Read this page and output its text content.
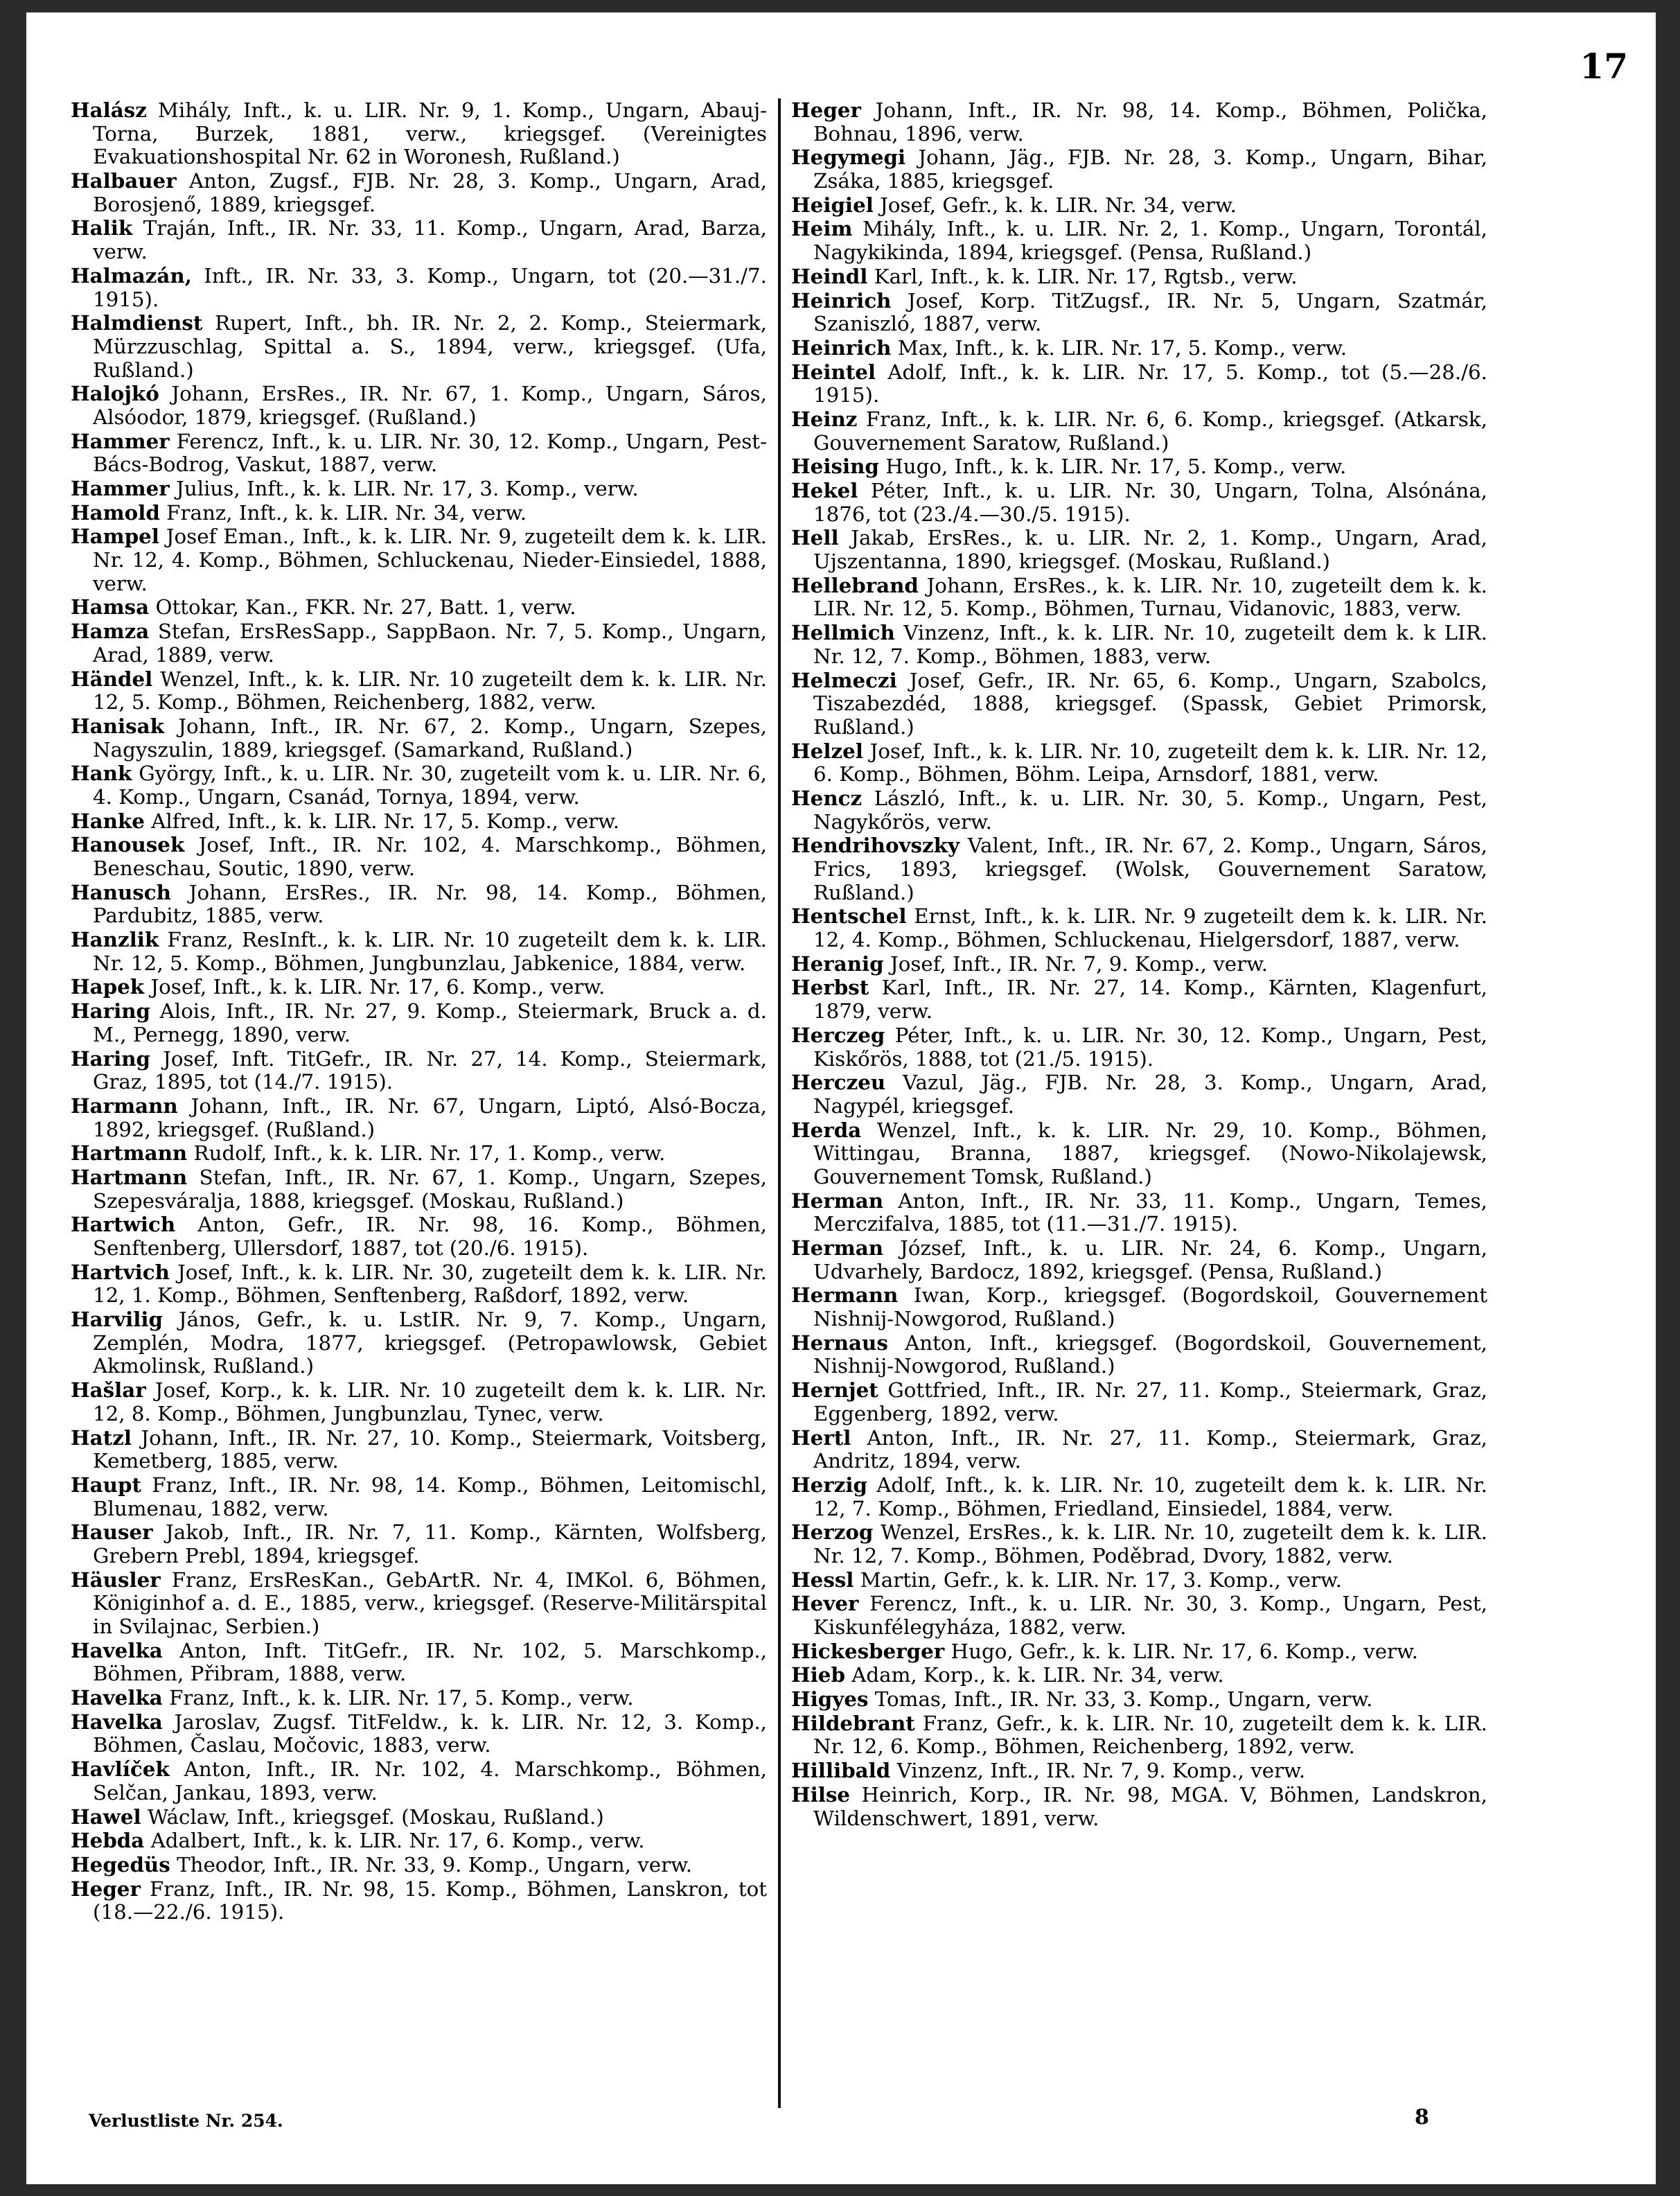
17

Halász Mihály, Inft., k. u. LIR. Nr. 9, 1. Komp., Ungarn, Abauj-Torna, Burzek, 1881, verw., kriegsgef. (Vereinigtes Evakuationshospital Nr. 62 in Woronesh, Rußland.)

Halbauer Anton, Zugsf., FJB. Nr. 28, 3. Komp., Ungarn, Arad, Borosjenő, 1889, kriegsgef.

Halik Traján, Inft., IR. Nr. 33, 11. Komp., Ungarn, Arad, Barza, verw.

Halmazán, Inft., IR. Nr. 33, 3. Komp., Ungarn, tot (20.—31./7. 1915).

Halmdienst Rupert, Inft., bh. IR. Nr. 2, 2. Komp., Steiermark, Mürzzuschlag, Spittal a. S., 1894, verw., kriegsgef. (Ufa, Rußland.)

Halojkó Johann, ErsRes., IR. Nr. 67, 1. Komp., Ungarn, Sáros, Alsóodor, 1879, kriegsgef. (Rußland.)

Hammer Ferencz, Inft., k. u. LIR. Nr. 30, 12. Komp., Ungarn, Pest-Bács-Bodrog, Vaskut, 1887, verw.

Hammer Julius, Inft., k. k. LIR. Nr. 17, 3. Komp., verw.

Hamold Franz, Inft., k. k. LIR. Nr. 34, verw.

Hampel Josef Eman., Inft., k. k. LIR. Nr. 9, zugeteilt dem k. k. LIR. Nr. 12, 4. Komp., Böhmen, Schluckenau, Nieder-Einsiedel, 1888, verw.

Hamsa Ottokar, Kan., FKR. Nr. 27, Batt. 1, verw.

Hamza Stefan, ErsResSapp., SappBaon. Nr. 7, 5. Komp., Ungarn, Arad, 1889, verw.

Händel Wenzel, Inft., k. k. LIR. Nr. 10 zugeteilt dem k. k. LIR. Nr. 12, 5. Komp., Böhmen, Reichenberg, 1882, verw.

Hanisak Johann, Inft., IR. Nr. 67, 2. Komp., Ungarn, Szepes, Nagyszulin, 1889, kriegsgef. (Samarkand, Rußland.)

Hank György, Inft., k. u. LIR. Nr. 30, zugeteilt vom k. u. LIR. Nr. 6, 4. Komp., Ungarn, Csanád, Tornya, 1894, verw.

Hanke Alfred, Inft., k. k. LIR. Nr. 17, 5. Komp., verw.

Hanousek Josef, Inft., IR. Nr. 102, 4. Marschkomp., Böhmen, Beneschau, Soutic, 1890, verw.

Hanusch Johann, ErsRes., IR. Nr. 98, 14. Komp., Böhmen, Pardubitz, 1885, verw.

Hanzlik Franz, ResInft., k. k. LIR. Nr. 10 zugeteilt dem k. k. LIR. Nr. 12, 5. Komp., Böhmen, Jungbunzlau, Jabkenice, 1884, verw.

Hapek Josef, Inft., k. k. LIR. Nr. 17, 6. Komp., verw.

Haring Alois, Inft., IR. Nr. 27, 9. Komp., Steiermark, Bruck a. d. M., Pernegg, 1890, verw.

Haring Josef, Inft. TitGefr., IR. Nr. 27, 14. Komp., Steiermark, Graz, 1895, tot (14./7. 1915).

Harmann Johann, Inft., IR. Nr. 67, Ungarn, Liptó, Alsó-Bocza, 1892, kriegsgef. (Rußland.)

Hartmann Rudolf, Inft., k. k. LIR. Nr. 17, 1. Komp., verw.

Hartmann Stefan, Inft., IR. Nr. 67, 1. Komp., Ungarn, Szepes, Szepesváralja, 1888, kriegsgef. (Moskau, Rußland.)

Hartwich Anton, Gefr., IR. Nr. 98, 16. Komp., Böhmen, Senftenberg, Ullersdorf, 1887, tot (20./6. 1915).

Hartvich Josef, Inft., k. k. LIR. Nr. 30, zugeteilt dem k. k. LIR. Nr. 12, 1. Komp., Böhmen, Senftenberg, Raßdorf, 1892, verw.

Harvilig János, Gefr., k. u. LstIR. Nr. 9, 7. Komp., Ungarn, Zemplén, Modra, 1877, kriegsgef. (Petropawlowsk, Gebiet Akmolinsk, Rußland.)

Hašlar Josef, Korp., k. k. LIR. Nr. 10 zugeteilt dem k. k. LIR. Nr. 12, 8. Komp., Böhmen, Jungbunzlau, Tynec, verw.

Hatzl Johann, Inft., IR. Nr. 27, 10. Komp., Steiermark, Voitsberg, Kemetberg, 1885, verw.

Haupt Franz, Inft., IR. Nr. 98, 14. Komp., Böhmen, Leitomischl, Blumenau, 1882, verw.

Hauser Jakob, Inft., IR. Nr. 7, 11. Komp., Kärnten, Wolfsberg, Grebern Prebl, 1894, kriegsgef.

Häusler Franz, ErsResKan., GebArtR. Nr. 4, IMKol. 6, Böhmen, Königinhof a. d. E., 1885, verw., kriegsgef. (Reserve-Militärspital in Svilajnac, Serbien.)

Havelka Anton, Inft. TitGefr., IR. Nr. 102, 5. Marschkomp., Böhmen, Přibram, 1888, verw.

Havelka Franz, Inft., k. k. LIR. Nr. 17, 5. Komp., verw.

Havelka Jaroslav, Zugsf. TitFeldw., k. k. LIR. Nr. 12, 3. Komp., Böhmen, Časlau, Močovic, 1883, verw.

Havlíček Anton, Inft., IR. Nr. 102, 4. Marschkomp., Böhmen, Selčan, Jankau, 1893, verw.

Hawel Wáclaw, Inft., kriegsgef. (Moskau, Rußland.)

Hebda Adalbert, Inft., k. k. LIR. Nr. 17, 6. Komp., verw.

Hegedüs Theodor, Inft., IR. Nr. 33, 9. Komp., Ungarn, verw.

Heger Franz, Inft., IR. Nr. 98, 15. Komp., Böhmen, Lanskron, tot (18.—22./6. 1915).

Heger Johann, Inft., IR. Nr. 98, 14. Komp., Böhmen, Polička, Bohnau, 1896, verw.

Hegymegi Johann, Jäg., FJB. Nr. 28, 3. Komp., Ungarn, Bihar, Zsáka, 1885, kriegsgef.

Heigiel Josef, Gefr., k. k. LIR. Nr. 34, verw.

Heim Mihály, Inft., k. u. LIR. Nr. 2, 1. Komp., Ungarn, Torontál, Nagykikinda, 1894, kriegsgef. (Pensa, Rußland.)

Heindl Karl, Inft., k. k. LIR. Nr. 17, Rgtsb., verw.

Heinrich Josef, Korp. TitZugsf., IR. Nr. 5, Ungarn, Szatmár, Szaniszló, 1887, verw.

Heinrich Max, Inft., k. k. LIR. Nr. 17, 5. Komp., verw.

Heintel Adolf, Inft., k. k. LIR. Nr. 17, 5. Komp., tot (5.—28./6. 1915).

Heinz Franz, Inft., k. k. LIR. Nr. 6, 6. Komp., kriegsgef. (Atkarsk, Gouvernement Saratow, Rußland.)

Heising Hugo, Inft., k. k. LIR. Nr. 17, 5. Komp., verw.

Hekel Péter, Inft., k. u. LIR. Nr. 30, Ungarn, Tolna, Alsónána, 1876, tot (23./4.—30./5. 1915).

Hell Jakab, ErsRes., k. u. LIR. Nr. 2, 1. Komp., Ungarn, Arad, Ujszentanna, 1890, kriegsgef. (Moskau, Rußland.)

Hellebrand Johann, ErsRes., k. k. LIR. Nr. 10, zugeteilt dem k. k. LIR. Nr. 12, 5. Komp., Böhmen, Turnau, Vidanovic, 1883, verw.

Hellmich Vinzenz, Inft., k. k. LIR. Nr. 10, zugeteilt dem k. k LIR. Nr. 12, 7. Komp., Böhmen, 1883, verw.

Helmeczi Josef, Gefr., IR. Nr. 65, 6. Komp., Ungarn, Szabolcs, Tiszabezdéd, 1888, kriegsgef. (Spassk, Gebiet Primorsk, Rußland.)

Helzel Josef, Inft., k. k. LIR. Nr. 10, zugeteilt dem k. k. LIR. Nr. 12, 6. Komp., Böhmen, Böhm. Leipa, Arnsdorf, 1881, verw.

Hencz László, Inft., k. u. LIR. Nr. 30, 5. Komp., Ungarn, Pest, Nagykőrös, verw.

Hendrihovszky Valent, Inft., IR. Nr. 67, 2. Komp., Ungarn, Sáros, Frics, 1893, kriegsgef. (Wolsk, Gouvernement Saratow, Rußland.)

Hentschel Ernst, Inft., k. k. LIR. Nr. 9 zugeteilt dem k. k. LIR. Nr. 12, 4. Komp., Böhmen, Schluckenau, Hielgersdorf, 1887, verw.

Heranig Josef, Inft., IR. Nr. 7, 9. Komp., verw.

Herbst Karl, Inft., IR. Nr. 27, 14. Komp., Kärnten, Klagenfurt, 1879, verw.

Herczeg Péter, Inft., k. u. LIR. Nr. 30, 12. Komp., Ungarn, Pest, Kiskőrös, 1888, tot (21./5. 1915).

Herczeu Vazul, Jäg., FJB. Nr. 28, 3. Komp., Ungarn, Arad, Nagypél, kriegsgef.

Herda Wenzel, Inft., k. k. LIR. Nr. 29, 10. Komp., Böhmen, Wittingau, Branna, 1887, kriegsgef. (Nowo-Nikolajewsk, Gouvernement Tomsk, Rußland.)

Herman Anton, Inft., IR. Nr. 33, 11. Komp., Ungarn, Temes, Merczifalva, 1885, tot (11.—31./7. 1915).

Herman József, Inft., k. u. LIR. Nr. 24, 6. Komp., Ungarn, Udvarhely, Bardocz, 1892, kriegsgef. (Pensa, Rußland.)

Hermann Iwan, Korp., kriegsgef. (Bogordskoil, Gouvernement Nishnij-Nowgorod, Rußland.)

Hernaus Anton, Inft., kriegsgef. (Bogordskoil, Gouvernement, Nishnij-Nowgorod, Rußland.)

Hernjet Gottfried, Inft., IR. Nr. 27, 11. Komp., Steiermark, Graz, Eggenberg, 1892, verw.

Hertl Anton, Inft., IR. Nr. 27, 11. Komp., Steiermark, Graz, Andritz, 1894, verw.

Herzig Adolf, Inft., k. k. LIR. Nr. 10, zugeteilt dem k. k. LIR. Nr. 12, 7. Komp., Böhmen, Friedland, Einsiedel, 1884, verw.

Herzog Wenzel, ErsRes., k. k. LIR. Nr. 10, zugeteilt dem k. k. LIR. Nr. 12, 7. Komp., Böhmen, Poděbrad, Dvory, 1882, verw.

Hessl Martin, Gefr., k. k. LIR. Nr. 17, 3. Komp., verw.

Hever Ferencz, Inft., k. u. LIR. Nr. 30, 3. Komp., Ungarn, Pest, Kiskunfélegyháza, 1882, verw.

Hickesberger Hugo, Gefr., k. k. LIR. Nr. 17, 6. Komp., verw.

Hieb Adam, Korp., k. k. LIR. Nr. 34, verw.

Higyes Tomas, Inft., IR. Nr. 33, 3. Komp., Ungarn, verw.

Hildebrant Franz, Gefr., k. k. LIR. Nr. 10, zugeteilt dem k. k. LIR. Nr. 12, 6. Komp., Böhmen, Reichenberg, 1892, verw.

Hillibald Vinzenz, Inft., IR. Nr. 7, 9. Komp., verw.

Hilse Heinrich, Korp., IR. Nr. 98, MGA. V, Böhmen, Landskron, Wildenschwert, 1891, verw.

Verlustliste Nr. 254.	8
